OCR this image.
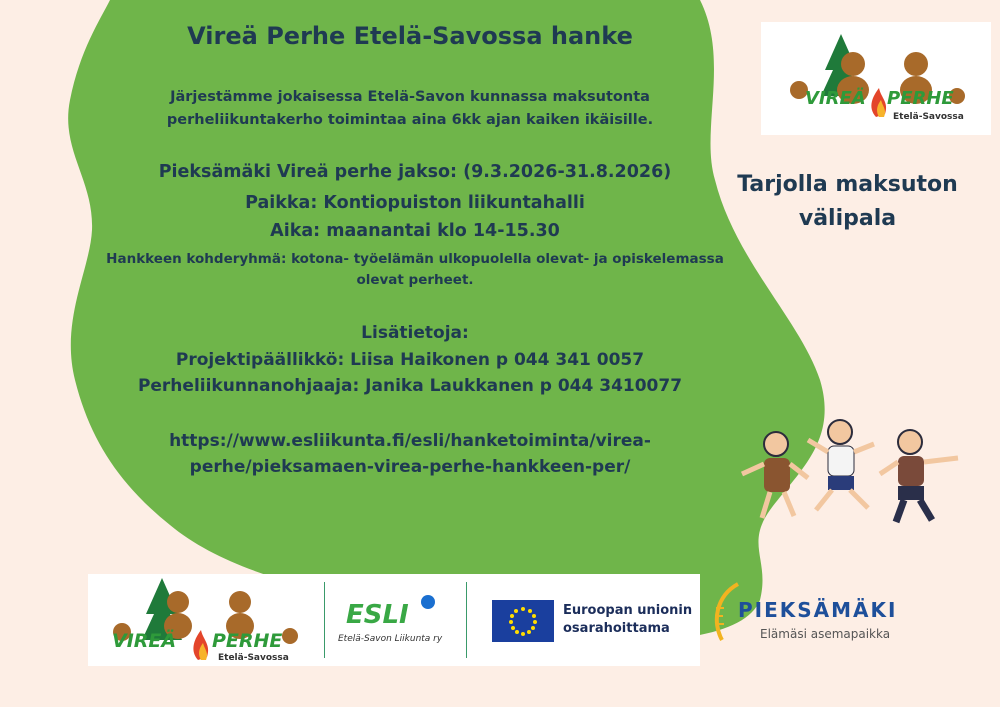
Vireä Perhe Etelä-Savossa hanke
Järjestämme jokaisessa Etelä-Savon kunnassa maksutonta
perheliikuntakerho toimintaa aina 6kk ajan kaiken ikäisille.
Pieksämäki Vireä perhe jakso: (9.3.2026-31.8.2026)
Paikka: Kontiopuiston liikuntahalli
Aika: maanantai klo 14-15.30
Hankkeen kohderyhmä: kotona- työelämän ulkopuolella olevat- ja opiskelemassa
olevat perheet.
Lisätietoja:
Projektipäällikkö: Liisa Haikonen p 044 341 0057
Perheliikunnanohjaaja: Janika Laukkanen p 044 3410077
https://www.esliikunta.fi/esli/hanketoiminta/virea-
perhe/pieksamaen-virea-perhe-hankkeen-per/
Tarjolla maksuton
välipala
VIREÄ PERHE
Etelä-Savossa
VIREÄ PERHE
Etelä-Savossa
ESLI
Etelä-Savon Liikunta ry
Euroopan unionin
osarahoittama
PIEKSÄMÄKI
Elämäsi asemapaikka
